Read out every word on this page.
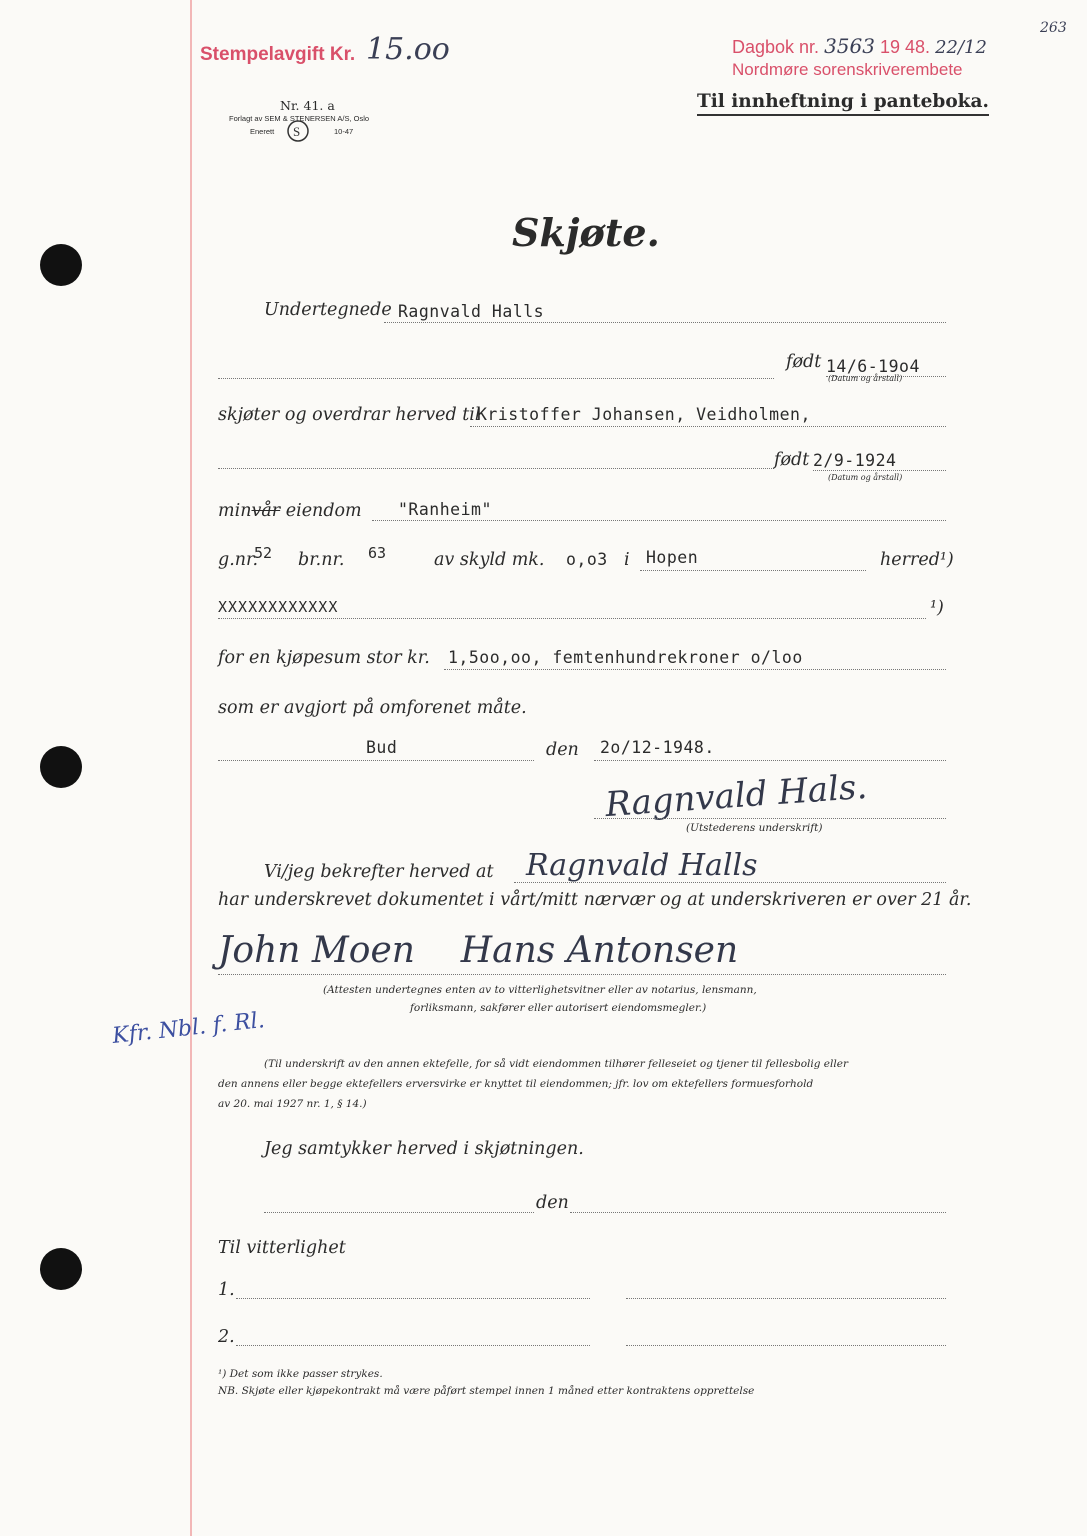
Stempelavgift Kr. 15.oo
Nr. 41. a
Forlagt av SEM & STENERSEN A/S, Oslo
Enerett S	10-47
Dagbok nr. 3563 19 48. 22/12
Nordmøre sorenskriverembete
263
Til innheftning i panteboka.
Skjøte.
Undertegnede Ragnvald Halls
født 14/6-19o4
(Datum og årstall)
skjøter og overdrar herved til
Kristoffer Johansen, Veidholmen,
født 2/9-1924
(Datum og årstall)
minvår eiendom "Ranheim"
g.nr.
52 br.nr. 63	av skyld mk. o,o3 i Hopen	herred¹)
XXXXXXXXXXXX	¹)
for en kjøpesum stor kr. 1,5oo,oo, femtenhundrekroner o/loo
som er avgjort på omforenet måte.
Bud	den 2o/12-1948.
Ragnvald Hals.
(Utstederens underskrift)
Vi/jeg bekrefter herved at Ragnvald Halls
har underskrevet dokumentet i vårt/mitt nærvær og at underskriveren er over 21 år.
John Moen    Hans Antonsen
(Attesten undertegnes enten av to vitterlighetsvitner eller av notarius, lensmann,
forliksmann, sakfører eller autorisert eiendomsmegler.)
Kfr. Nbl. f. Rl.
(Til underskrift av den annen ektefelle, for så vidt eiendommen tilhører felleseiet og tjener til fellesbolig eller
den annens eller begge ektefellers erversvirke er knyttet til eiendommen; jfr. lov om ektefellers formuesforhold
av 20. mai 1927 nr. 1, § 14.)
Jeg samtykker herved i skjøtningen.
den
Til vitterlighet
1.
2.
¹) Det som ikke passer strykes.
NB. Skjøte eller kjøpekontrakt må være påført stempel innen 1 måned etter kontraktens opprettelse
